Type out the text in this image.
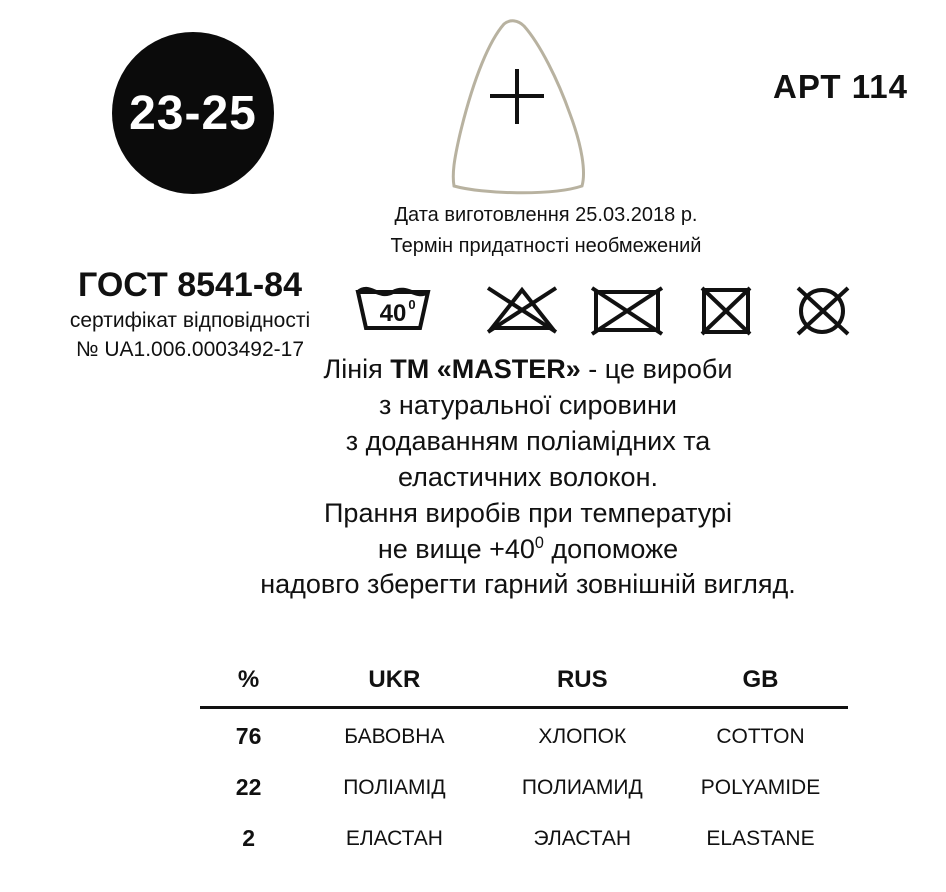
23-25	АРТ 114
Дата виготовлення 25.03.2018 р.
Термін придатності необмежений
ГОСТ 8541-84
сертифікат відповідності
№ UA1.006.0003492-17
40 0
Лінія ТМ «MASTER» - це вироби
з натуральної сировини
з додаванням поліамідних та
еластичних волокон.
Прання виробів при температурі
не вище $+40^0$ допоможе
надовго зберегти гарний зовнішній вигляд.
%	UKR	RUS	GB
76	БАВОВНА	ХЛОПОК	COTTON
22	ПОЛІАМІД	ПОЛИАМИД	POLYAMIDE
2	ЕЛАСТАН	ЭЛАСТАН	ELASTANE
